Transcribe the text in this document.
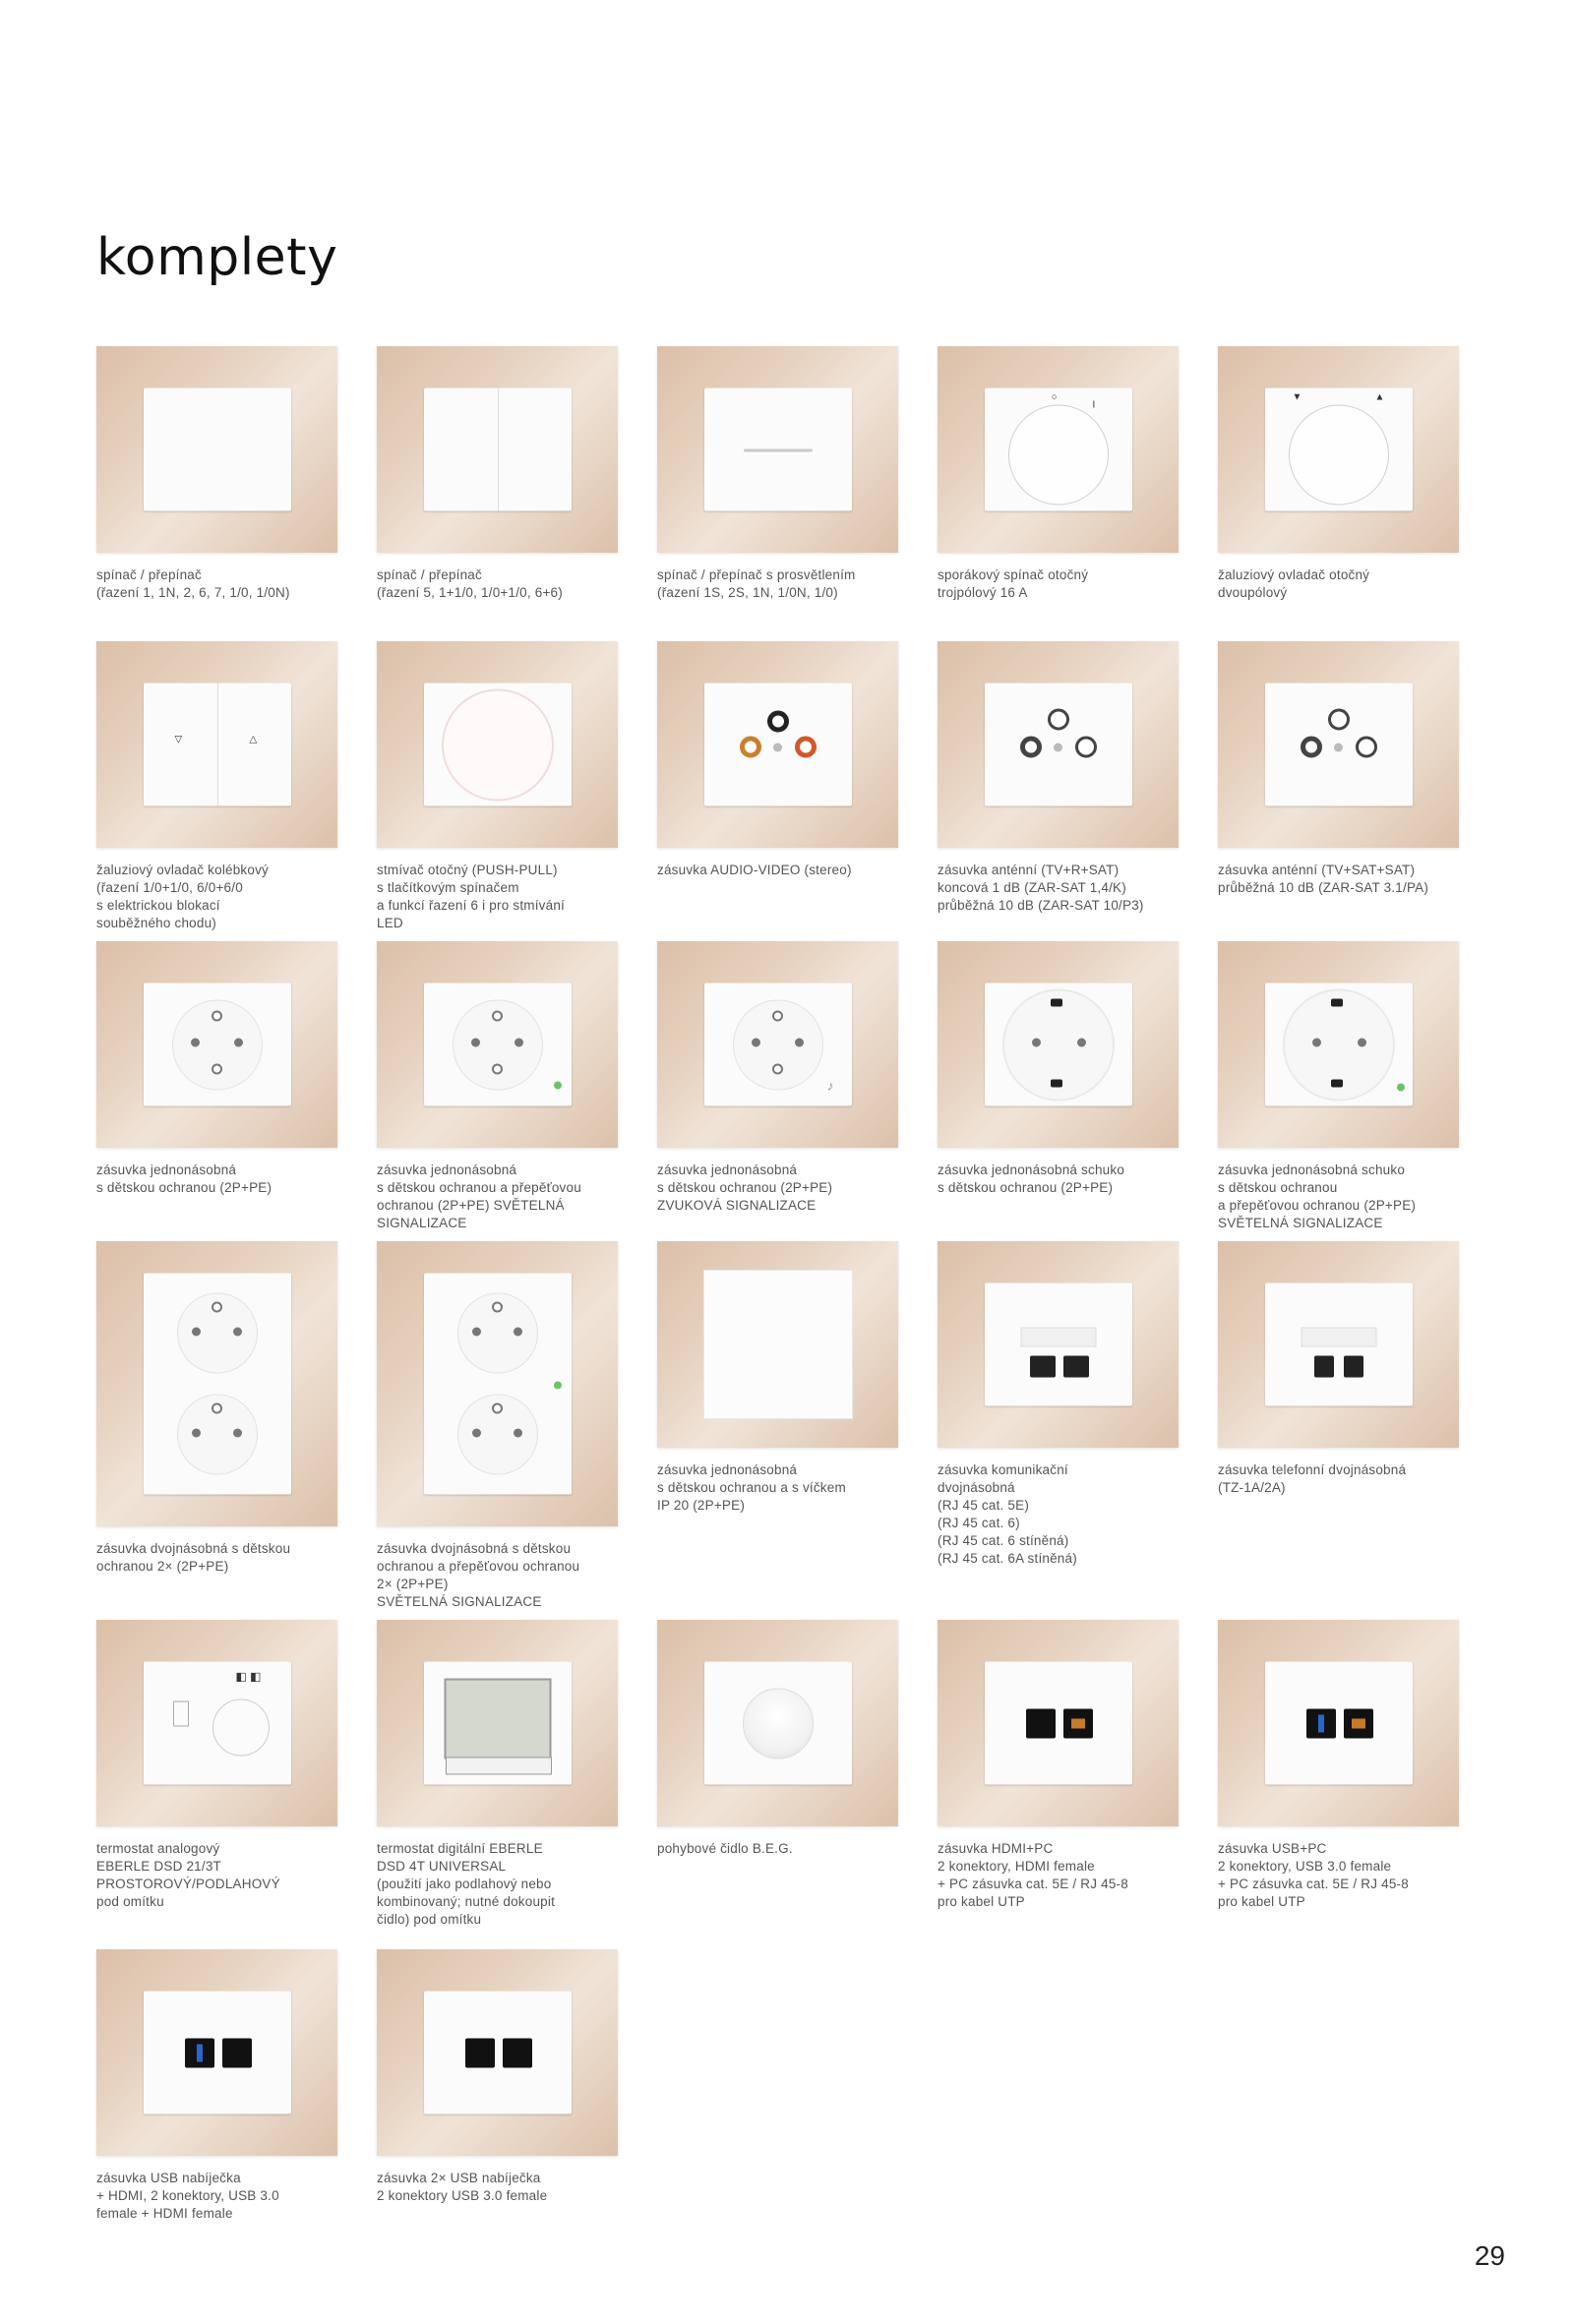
komplety
spínač / přepínač
(řazení 1, 1N, 2, 6, 7, 1/0, 1/0N)
spínač / přepínač
(řazení 5, 1+1/0, 1/0+1/0, 6+6)
spínač / přepínač s prosvětlením
(řazení 1S, 2S, 1N, 1/0N, 1/0)
○
I
sporákový spínač otočný
trojpólový 16 A
▼	▲
žaluziový ovladač otočný
dvoupólový
▽	△
žaluziový ovladač kolébkový
(řazení 1/0+1/0, 6/0+6/0
s elektrickou blokací
souběžného chodu)
stmívač otočný (PUSH-PULL)
s tlačítkovým spínačem
a funkcí řazení 6 i pro stmívání
LED
zásuvka AUDIO-VIDEO (stereo)	zásuvka anténní (TV+R+SAT)
koncová 1 dB (ZAR-SAT 1,4/K)
průběžná 10 dB (ZAR-SAT 10/P3)
zásuvka anténní (TV+SAT+SAT)
průběžná 10 dB (ZAR-SAT 3.1/PA)
zásuvka jednonásobná
s dětskou ochranou (2P+PE)
zásuvka jednonásobná
s dětskou ochranou a přepěťovou
ochranou (2P+PE) SVĚTELNÁ
SIGNALIZACE
♪
zásuvka jednonásobná
s dětskou ochranou (2P+PE)
ZVUKOVÁ SIGNALIZACE
zásuvka jednonásobná schuko
s dětskou ochranou (2P+PE)
zásuvka jednonásobná schuko
s dětskou ochranou
a přepěťovou ochranou (2P+PE)
SVĚTELNÁ SIGNALIZACE
zásuvka dvojnásobná s dětskou
ochranou 2× (2P+PE)
zásuvka dvojnásobná s dětskou
ochranou a přepěťovou ochranou
2× (2P+PE)
SVĚTELNÁ SIGNALIZACE
zásuvka jednonásobná
s dětskou ochranou a s víčkem
IP 20 (2P+PE)
zásuvka komunikační
dvojnásobná
(RJ 45 cat. 5E)
(RJ 45 cat. 6)
(RJ 45 cat. 6 stíněná)
(RJ 45 cat. 6A stíněná)
zásuvka telefonní dvojnásobná
(TZ-1A/2A)
◧ ◧
termostat analogový
EBERLE DSD 21/3T
PROSTOROVÝ/PODLAHOVÝ
pod omítku
termostat digitální EBERLE
DSD 4T UNIVERSAL
(použití jako podlahový nebo
kombinovaný; nutné dokoupit
čidlo) pod omítku
pohybové čidlo B.E.G.	zásuvka HDMI+PC
2 konektory, HDMI female
+ PC zásuvka cat. 5E / RJ 45-8
pro kabel UTP
zásuvka USB+PC
2 konektory, USB 3.0 female
+ PC zásuvka cat. 5E / RJ 45-8
pro kabel UTP
zásuvka USB nabíječka
+ HDMI, 2 konektory, USB 3.0
female + HDMI female
zásuvka 2× USB nabíječka
2 konektory USB 3.0 female
29
